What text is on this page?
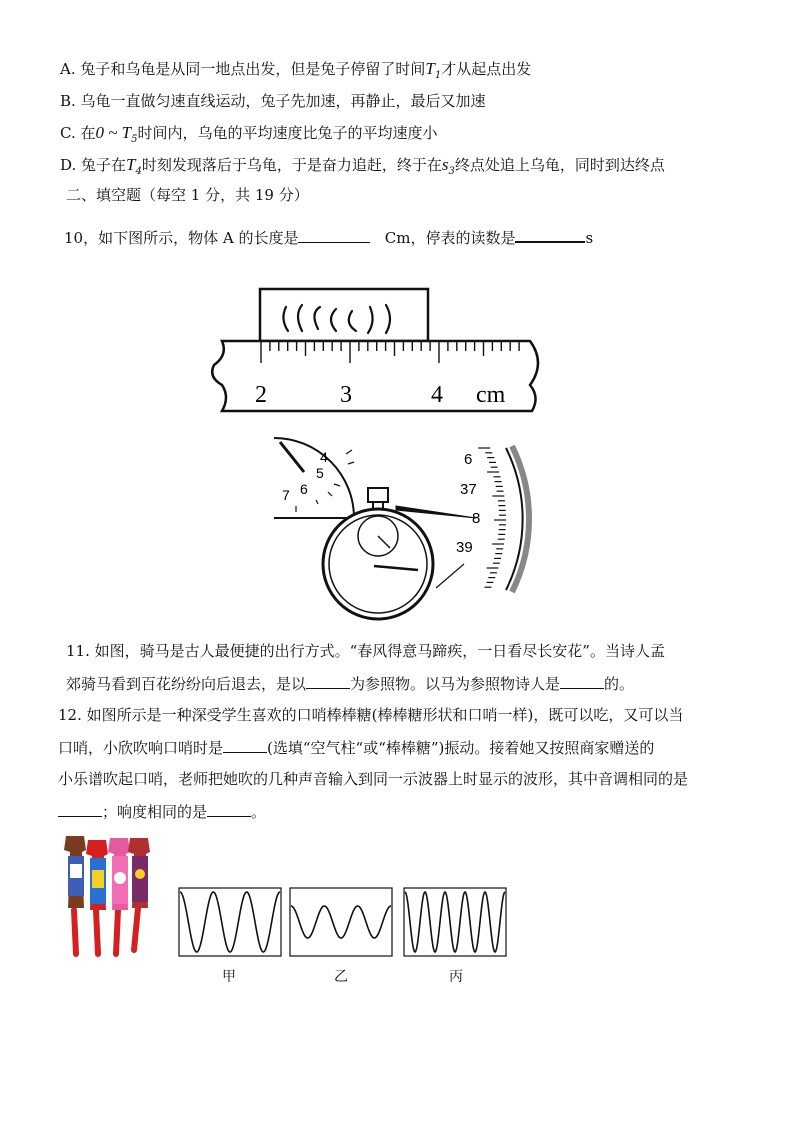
A. 兔子和乌龟是从同一地点出发，但是兔子停留了时间$T_1$才从起点出发
B. 乌龟一直做匀速直线运动，兔子先加速，再静止，最后又加速
C. 在0 ~ $T_5$时间内，乌龟的平均速度比兔子的平均速度小
D. 兔子在$T_4$时刻发现落后于乌龟，于是奋力追赶，终于在$s_3$终点处追上乌龟，同时到达终点
二、填空题（每空 1 分，共 19 分）
10，如下图所示，物体 A 的长度是	Cm，停表的读数是	s
2	3	4 cm
4
5
6
7
6
37
8
39
11. 如图，骑马是古人最便捷的出行方式。“春风得意马蹄疾，一日看尽长安花”。当诗人孟
郊骑马看到百花纷纷向后退去，是以	为参照物。以马为参照物诗人是	的。
12. 如图所示是一种深受学生喜欢的口哨棒棒糖(棒棒糖形状和口哨一样)，既可以吃，又可以当
口哨，小欣吹响口哨时是	(选填“空气柱“或“棒棒糖”)振动。接着她又按照商家赠送的
小乐谱吹起口哨，老师把她吹的几种声音输入到同一示波器上时显示的波形，其中音调相同的是
；响度相同的是	。
甲	乙	丙
